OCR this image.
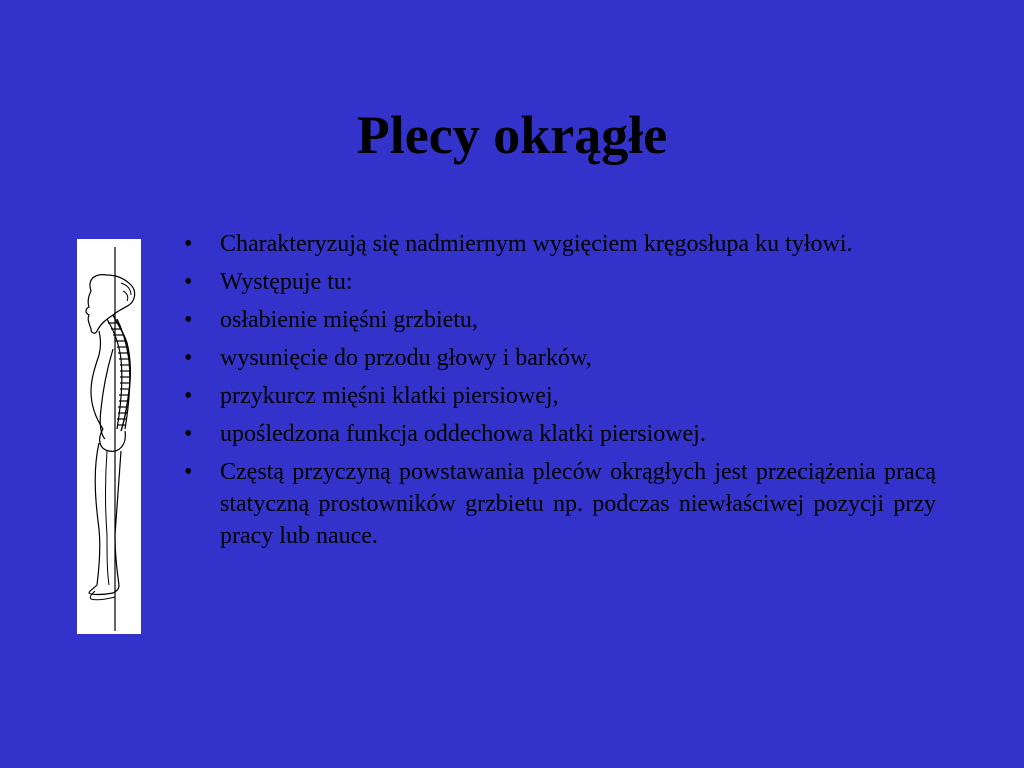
Plecy okrągłe
• Charakteryzują się nadmiernym wygięciem kręgosłupa ku tyłowi.
• Występuje tu:
• osłabienie mięśni grzbietu,
• wysunięcie do przodu głowy i barków,
• przykurcz mięśni klatki piersiowej,
• upośledzona funkcja oddechowa klatki piersiowej.
• Częstą przyczyną powstawania pleców okrągłych jest przeciążenia pracą statyczną prostowników grzbietu np. podczas niewłaściwej pozycji przy pracy lub nauce.
